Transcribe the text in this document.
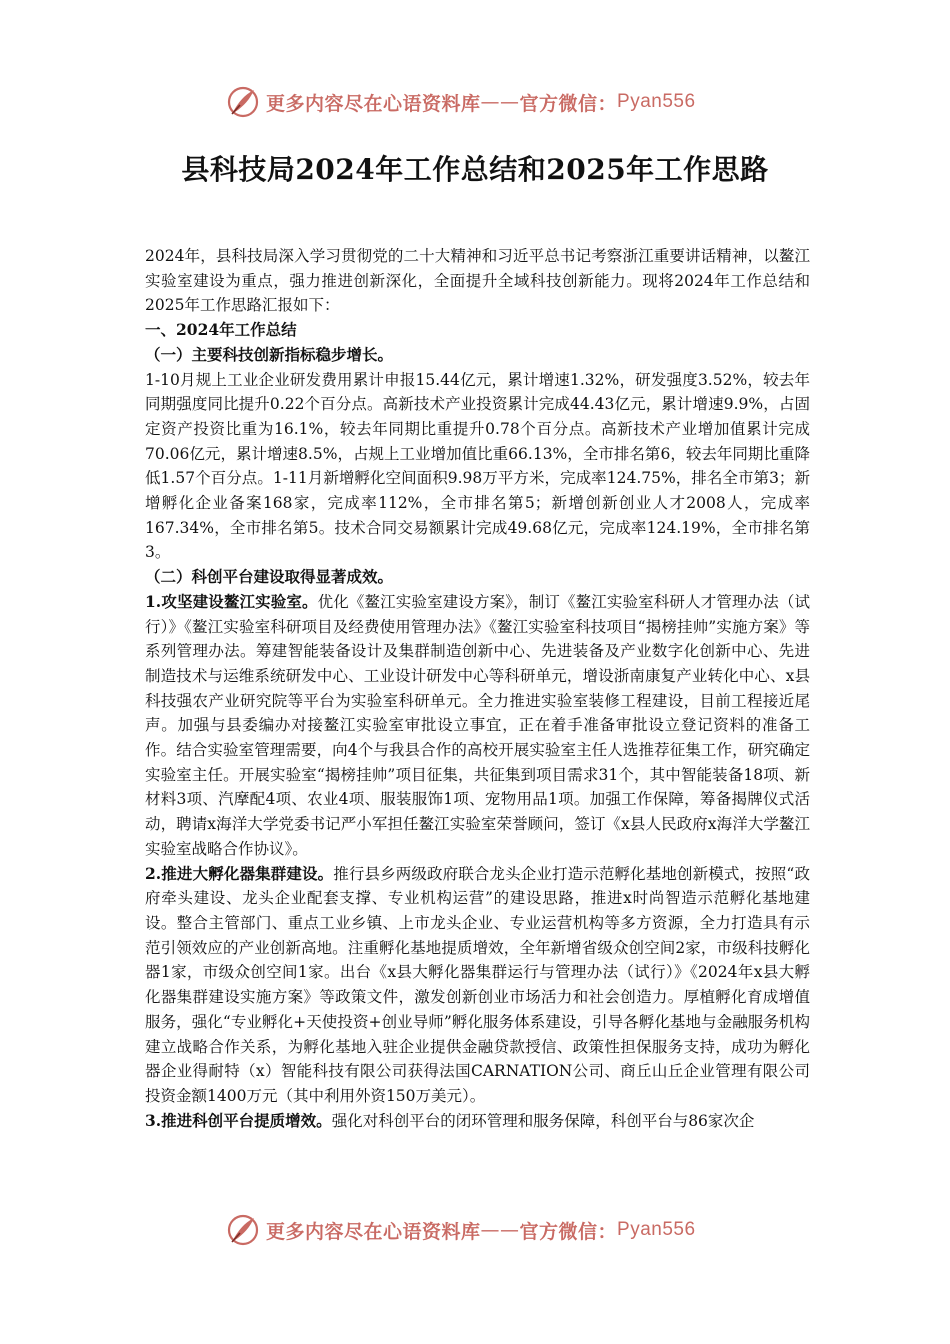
更多内容尽在心语资料库 —— 官方微信： Pyan556
县科技局2024年工作总结和2025年工作思路

2024年，县科技局深入学习贯彻党的二十大精神和习近平总书记考察浙江重要讲话精神，以鳌江实验室建设为重点，强力推进创新深化，全面提升全域科技创新能力。现将2024年工作总结和2025年工作思路汇报如下：

一、2024年工作总结

（一）主要科技创新指标稳步增长。

1-10月规上工业企业研发费用累计申报15.44亿元，累计增速1.32%，研发强度3.52%，较去年同期强度同比提升0.22个百分点。高新技术产业投资累计完成44.43亿元，累计增速9.9%，占固定资产投资比重为16.1%，较去年同期比重提升0.78个百分点。高新技术产业增加值累计完成70.06亿元，累计增速8.5%，占规上工业增加值比重66.13%，全市排名第6，较去年同期比重降低1.57个百分点。1-11月新增孵化空间面积9.98万平方米，完成率124.75%，排名全市第3；新增孵化企业备案168家，完成率112%，全市排名第5；新增创新创业人才2008人，完成率167.34%，全市排名第5。技术合同交易额累计完成49.68亿元，完成率124.19%，全市排名第3。

（二）科创平台建设取得显著成效。

1.攻坚建设鳌江实验室。优化《鳌江实验室建设方案》，制订《鳌江实验室科研人才管理办法（试行）》《鳌江实验室科研项目及经费使用管理办法》《鳌江实验室科技项目“揭榜挂帅”实施方案》等系列管理办法。筹建智能装备设计及集群制造创新中心、先进装备及产业数字化创新中心、先进制造技术与运维系统研发中心、工业设计研发中心等科研单元，增设浙南康复产业转化中心、x县科技强农产业研究院等平台为实验室科研单元。全力推进实验室装修工程建设，目前工程接近尾声。加强与县委编办对接鳌江实验室审批设立事宜，正在着手准备审批设立登记资料的准备工作。结合实验室管理需要，向4个与我县合作的高校开展实验室主任人选推荐征集工作，研究确定实验室主任。开展实验室“揭榜挂帅”项目征集，共征集到项目需求31个，其中智能装备18项、新材料3项、汽摩配4项、农业4项、服装服饰1项、宠物用品1项。加强工作保障，筹备揭牌仪式活动，聘请x海洋大学党委书记严小军担任鳌江实验室荣誉顾问，签订《x县人民政府x海洋大学鳌江实验室战略合作协议》。

2.推进大孵化器集群建设。推行县乡两级政府联合龙头企业打造示范孵化基地创新模式，按照“政府牵头建设、龙头企业配套支撑、专业机构运营”的建设思路，推进x时尚智造示范孵化基地建设。整合主管部门、重点工业乡镇、上市龙头企业、专业运营机构等多方资源，全力打造具有示范引领效应的产业创新高地。注重孵化基地提质增效，全年新增省级众创空间2家，市级科技孵化器1家，市级众创空间1家。出台《x县大孵化器集群运行与管理办法（试行）》《2024年x县大孵化器集群建设实施方案》等政策文件，激发创新创业市场活力和社会创造力。厚植孵化育成增值服务，强化“专业孵化+天使投资+创业导师”孵化服务体系建设，引导各孵化基地与金融服务机构建立战略合作关系，为孵化基地入驻企业提供金融贷款授信、政策性担保服务支持，成功为孵化器企业得耐特（x）智能科技有限公司获得法国CARNATION公司、商丘山丘企业管理有限公司投资金额1400万元（其中利用外资150万美元）。

3.推进科创平台提质增效。强化对科创平台的闭环管理和服务保障，科创平台与86家次企

更多内容尽在心语资料库 —— 官方微信： Pyan556
